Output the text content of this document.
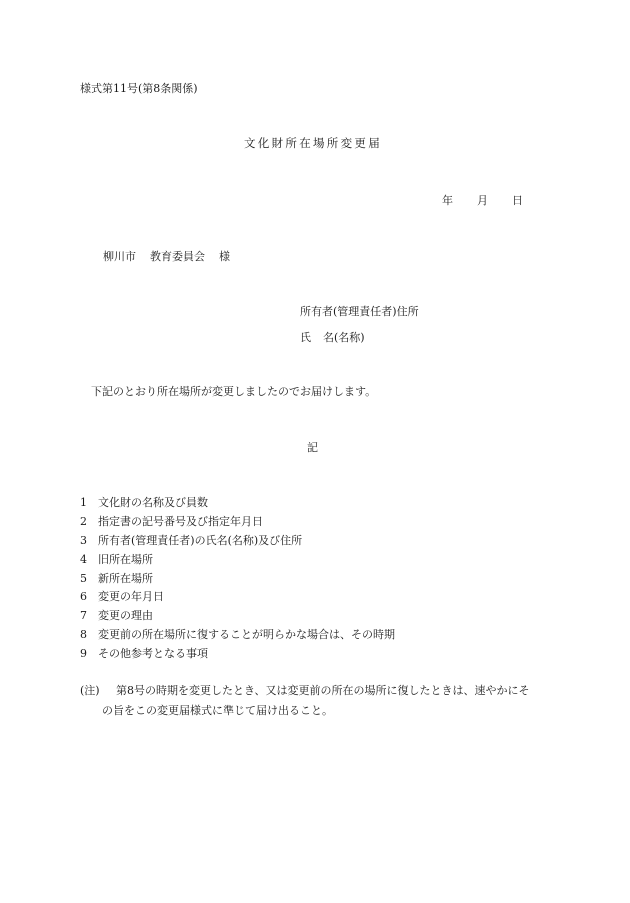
様式第11号(第8条関係)
文化財所在場所変更届
年 月 日
柳川市 教育委員会 様
所有者(管理責任者)住所
氏 名(名称)
下記のとおり所在場所が変更しましたのでお届けします。
記
1 文化財の名称及び員数
2 指定書の記号番号及び指定年月日
3 所有者(管理責任者)の氏名(名称)及び住所
4 旧所在場所
5 新所在場所
6 変更の年月日
7 変更の理由
8 変更前の所在場所に復することが明らかな場合は、その時期
9 その他参考となる事項
(注) 第8号の時期を変更したとき、又は変更前の所在の場所に復したときは、速やかにそ
の旨をこの変更届様式に準じて届け出ること。
